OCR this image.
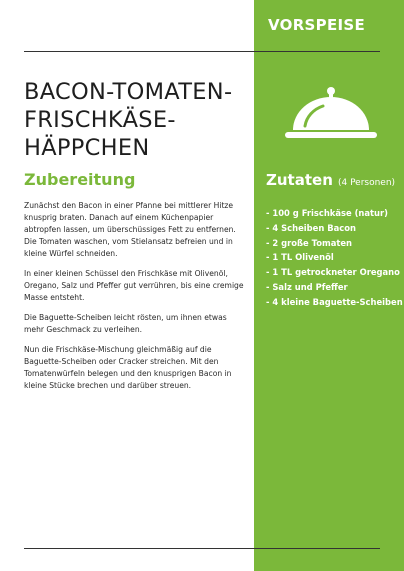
VORSPEISE
BACON-TOMATEN-
FRISCHKÄSE-
HÄPPCHEN
Zubereitung

Zunächst den Bacon in einer Pfanne bei mittlerer Hitze knusprig braten. Danach auf einem Küchenpapier abtropfen lassen, um überschüssiges Fett zu entfernen. Die Tomaten waschen, vom Stielansatz befreien und in kleine Würfel schneiden.

In einer kleinen Schüssel den Frischkäse mit Olivenöl, Oregano, Salz und Pfeffer gut verrühren, bis eine cremige Masse entsteht.

Die Baguette-Scheiben leicht rösten, um ihnen etwas mehr Geschmack zu verleihen.

Nun die Frischkäse-Mischung gleichmäßig auf die Baguette-Scheiben oder Cracker streichen. Mit den Tomatenwürfeln belegen und den knusprigen Bacon in kleine Stücke brechen und darüber streuen.

Zutaten (4 Personen)
- 100 g Frischkäse (natur)
- 4 Scheiben Bacon
- 2 große Tomaten
- 1 TL Olivenöl
- 1 TL getrockneter Oregano
- Salz und Pfeffer
- 4 kleine Baguette-Scheiben
